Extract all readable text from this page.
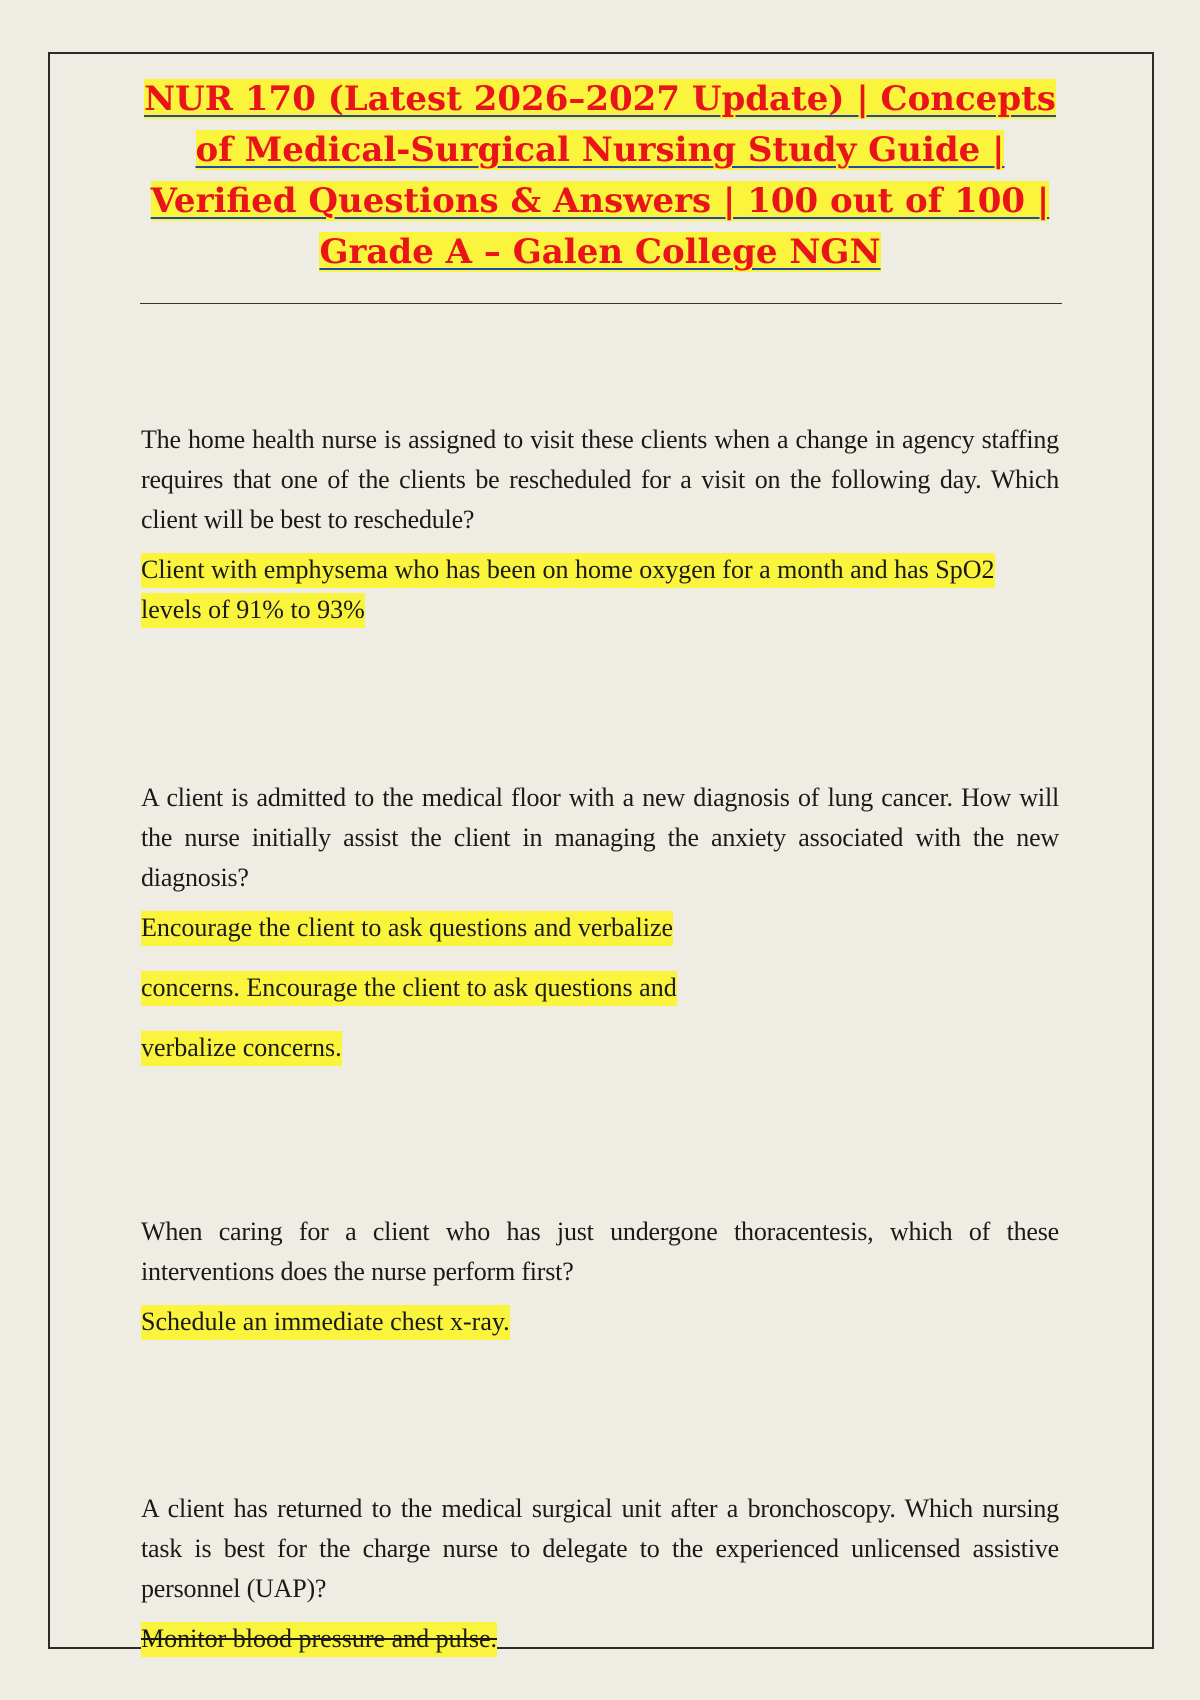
NUR 170 (Latest 2026–2027 Update) | Concepts of Medical-Surgical Nursing Study Guide | Verified Questions & Answers | 100 out of 100 | Grade A – Galen College NGN

The home health nurse is assigned to visit these clients when a change in agency staffing requires that one of the clients be rescheduled for a visit on the following day. Which client will be best to reschedule?

Client with emphysema who has been on home oxygen for a month and has SpO2 levels of 91% to 93%

A client is admitted to the medical floor with a new diagnosis of lung cancer. How will the nurse initially assist the client in managing the anxiety associated with the new diagnosis?

Encourage the client to ask questions and verbalize concerns. Encourage the client to ask questions and verbalize concerns.

When caring for a client who has just undergone thoracentesis, which of these interventions does the nurse perform first?

Schedule an immediate chest x-ray.

A client has returned to the medical surgical unit after a bronchoscopy. Which nursing task is best for the charge nurse to delegate to the experienced unlicensed assistive personnel (UAP)?

Monitor blood pressure and pulse.
